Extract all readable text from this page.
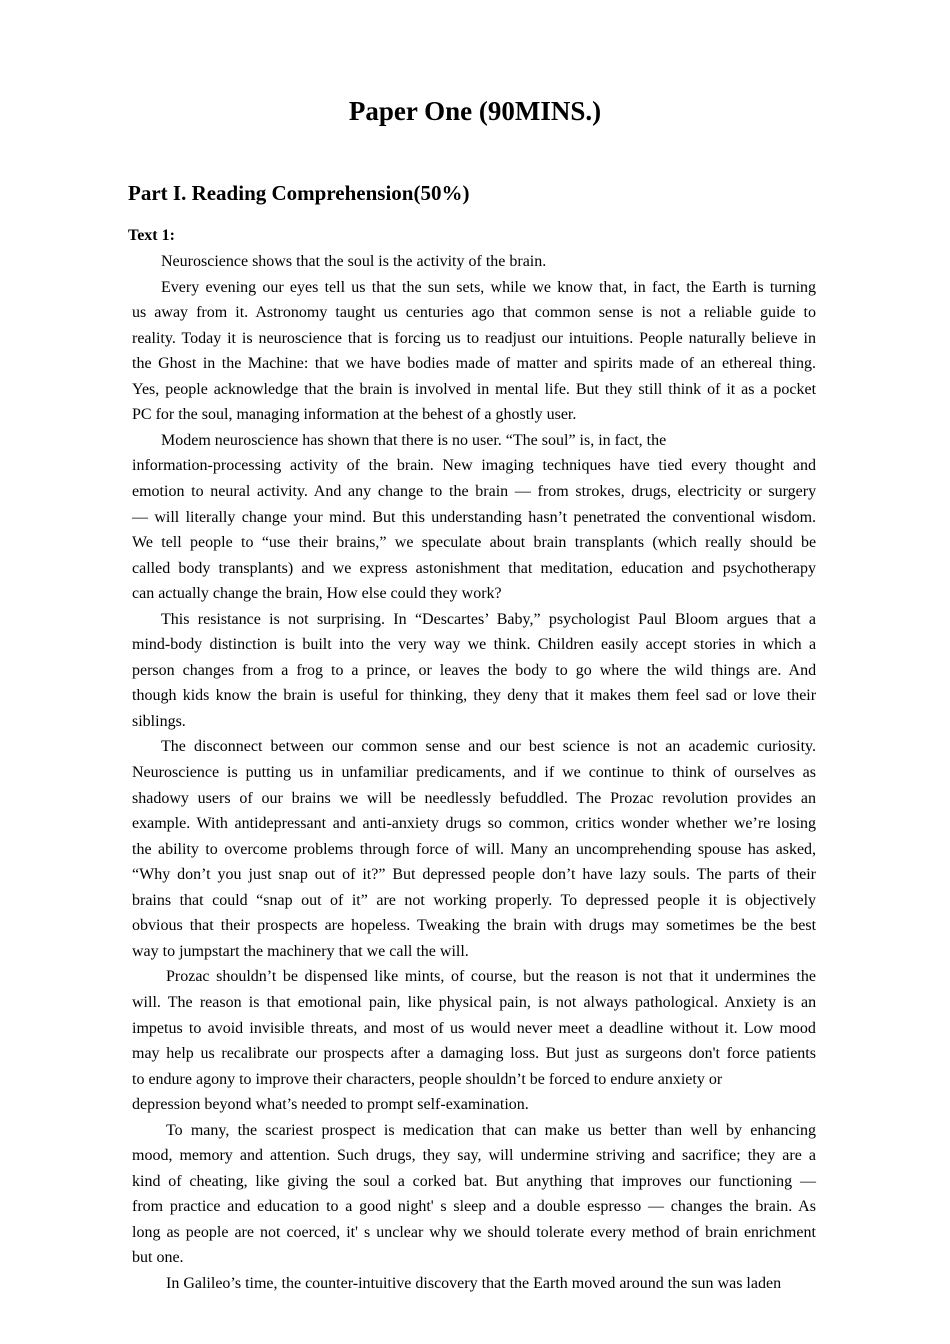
Paper One (90MINS.)
Part I. Reading Comprehension(50%)
Text 1:
Neuroscience shows that the soul is the activity of the brain.
Every evening our eyes tell us that the sun sets, while we know that, in fact, the Earth is turning
us away from it. Astronomy taught us centuries ago that common sense is not a reliable guide to
reality. Today it is neuroscience that is forcing us to readjust our intuitions. People naturally believe in
the Ghost in the Machine: that we have bodies made of matter and spirits made of an ethereal thing.
Yes, people acknowledge that the brain is involved in mental life. But they still think of it as a pocket
PC for the soul, managing information at the behest of a ghostly user.
Modem neuroscience has shown that there is no user. “The soul” is, in fact, the
information-processing activity of the brain. New imaging techniques have tied every thought and
emotion to neural activity. And any change to the brain — from strokes, drugs, electricity or surgery
— will literally change your mind. But this understanding hasn’t penetrated the conventional wisdom.
We tell people to “use their brains,” we speculate about brain transplants (which really should be
called body transplants) and we express astonishment that meditation, education and psychotherapy
can actually change the brain, How else could they work?
This resistance is not surprising. In “Descartes’ Baby,” psychologist Paul Bloom argues that a
mind-body distinction is built into the very way we think. Children easily accept stories in which a
person changes from a frog to a prince, or leaves the body to go where the wild things are. And
though kids know the brain is useful for thinking, they deny that it makes them feel sad or love their
siblings.
The disconnect between our common sense and our best science is not an academic curiosity.
Neuroscience is putting us in unfamiliar predicaments, and if we continue to think of ourselves as
shadowy users of our brains we will be needlessly befuddled. The Prozac revolution provides an
example. With antidepressant and anti-anxiety drugs so common, critics wonder whether we’re losing
the ability to overcome problems through force of will. Many an uncomprehending spouse has asked,
“Why don’t you just snap out of it?” But depressed people don’t have lazy souls. The parts of their
brains that could “snap out of it” are not working properly. To depressed people it is objectively
obvious that their prospects are hopeless. Tweaking the brain with drugs may sometimes be the best
way to jumpstart the machinery that we call the will.
Prozac shouldn’t be dispensed like mints, of course, but the reason is not that it undermines the
will. The reason is that emotional pain, like physical pain, is not always pathological. Anxiety is an
impetus to avoid invisible threats, and most of us would never meet a deadline without it. Low mood
may help us recalibrate our prospects after a damaging loss. But just as surgeons don't force patients
to endure agony to improve their characters, people shouldn’t be forced to endure anxiety or
depression beyond what’s needed to prompt self-examination.
To many, the scariest prospect is medication that can make us better than well by enhancing
mood, memory and attention. Such drugs, they say, will undermine striving and sacrifice; they are a
kind of cheating, like giving the soul a corked bat. But anything that improves our functioning —
from practice and education to a good night' s sleep and a double espresso — changes the brain. As
long as people are not coerced, it' s unclear why we should tolerate every method of brain enrichment
but one.
In Galileo’s time, the counter-intuitive discovery that the Earth moved around the sun was laden
